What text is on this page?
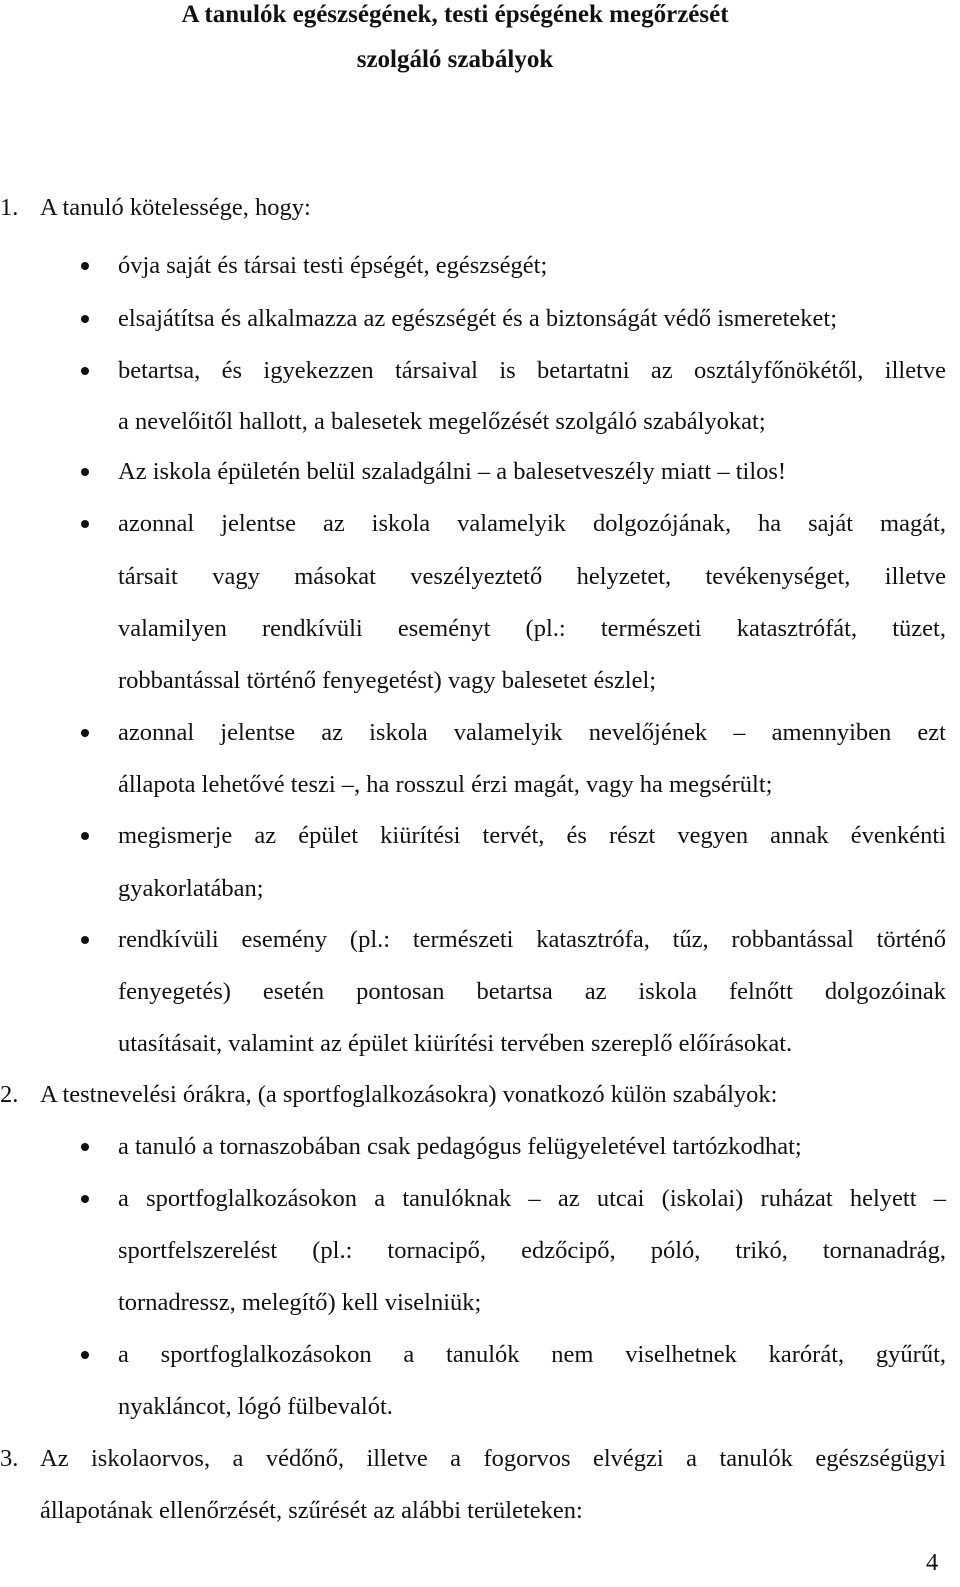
A tanulók egészségének, testi épségének megőrzését
szolgáló szabályok
1. A tanuló kötelessége, hogy:
óvja saját és társai testi épségét, egészségét;
elsajátítsa és alkalmazza az egészségét és a biztonságát védő ismereteket;
betartsa, és igyekezzen társaival is betartatni az osztályfőnökétől, illetve
a nevelőitől hallott, a balesetek megelőzését szolgáló szabályokat;
Az iskola épületén belül szaladgálni – a balesetveszély miatt – tilos!
azonnal jelentse az iskola valamelyik dolgozójának, ha saját magát,
társait vagy másokat veszélyeztető helyzetet, tevékenységet, illetve
valamilyen rendkívüli eseményt (pl.: természeti katasztrófát, tüzet,
robbantással történő fenyegetést) vagy balesetet észlel;
azonnal jelentse az iskola valamelyik nevelőjének – amennyiben ezt
állapota lehetővé teszi –, ha rosszul érzi magát, vagy ha megsérült;
megismerje az épület kiürítési tervét, és részt vegyen annak évenkénti
gyakorlatában;
rendkívüli esemény (pl.: természeti katasztrófa, tűz, robbantással történő
fenyegetés) esetén pontosan betartsa az iskola felnőtt dolgozóinak
utasításait, valamint az épület kiürítési tervében szereplő előírásokat.
2. A testnevelési órákra, (a sportfoglalkozásokra) vonatkozó külön szabályok:
a tanuló a tornaszobában csak pedagógus felügyeletével tartózkodhat;
a sportfoglalkozásokon a tanulóknak – az utcai (iskolai) ruházat helyett –
sportfelszerelést (pl.: tornacipő, edzőcipő, póló, trikó, tornanadrág,
tornadressz, melegítő) kell viselniük;
a sportfoglalkozásokon a tanulók nem viselhetnek karórát, gyűrűt,
nyakláncot, lógó fülbevalót.
3. Az iskolaorvos, a védőnő, illetve a fogorvos elvégzi a tanulók egészségügyi
állapotának ellenőrzését, szűrését az alábbi területeken:
4
